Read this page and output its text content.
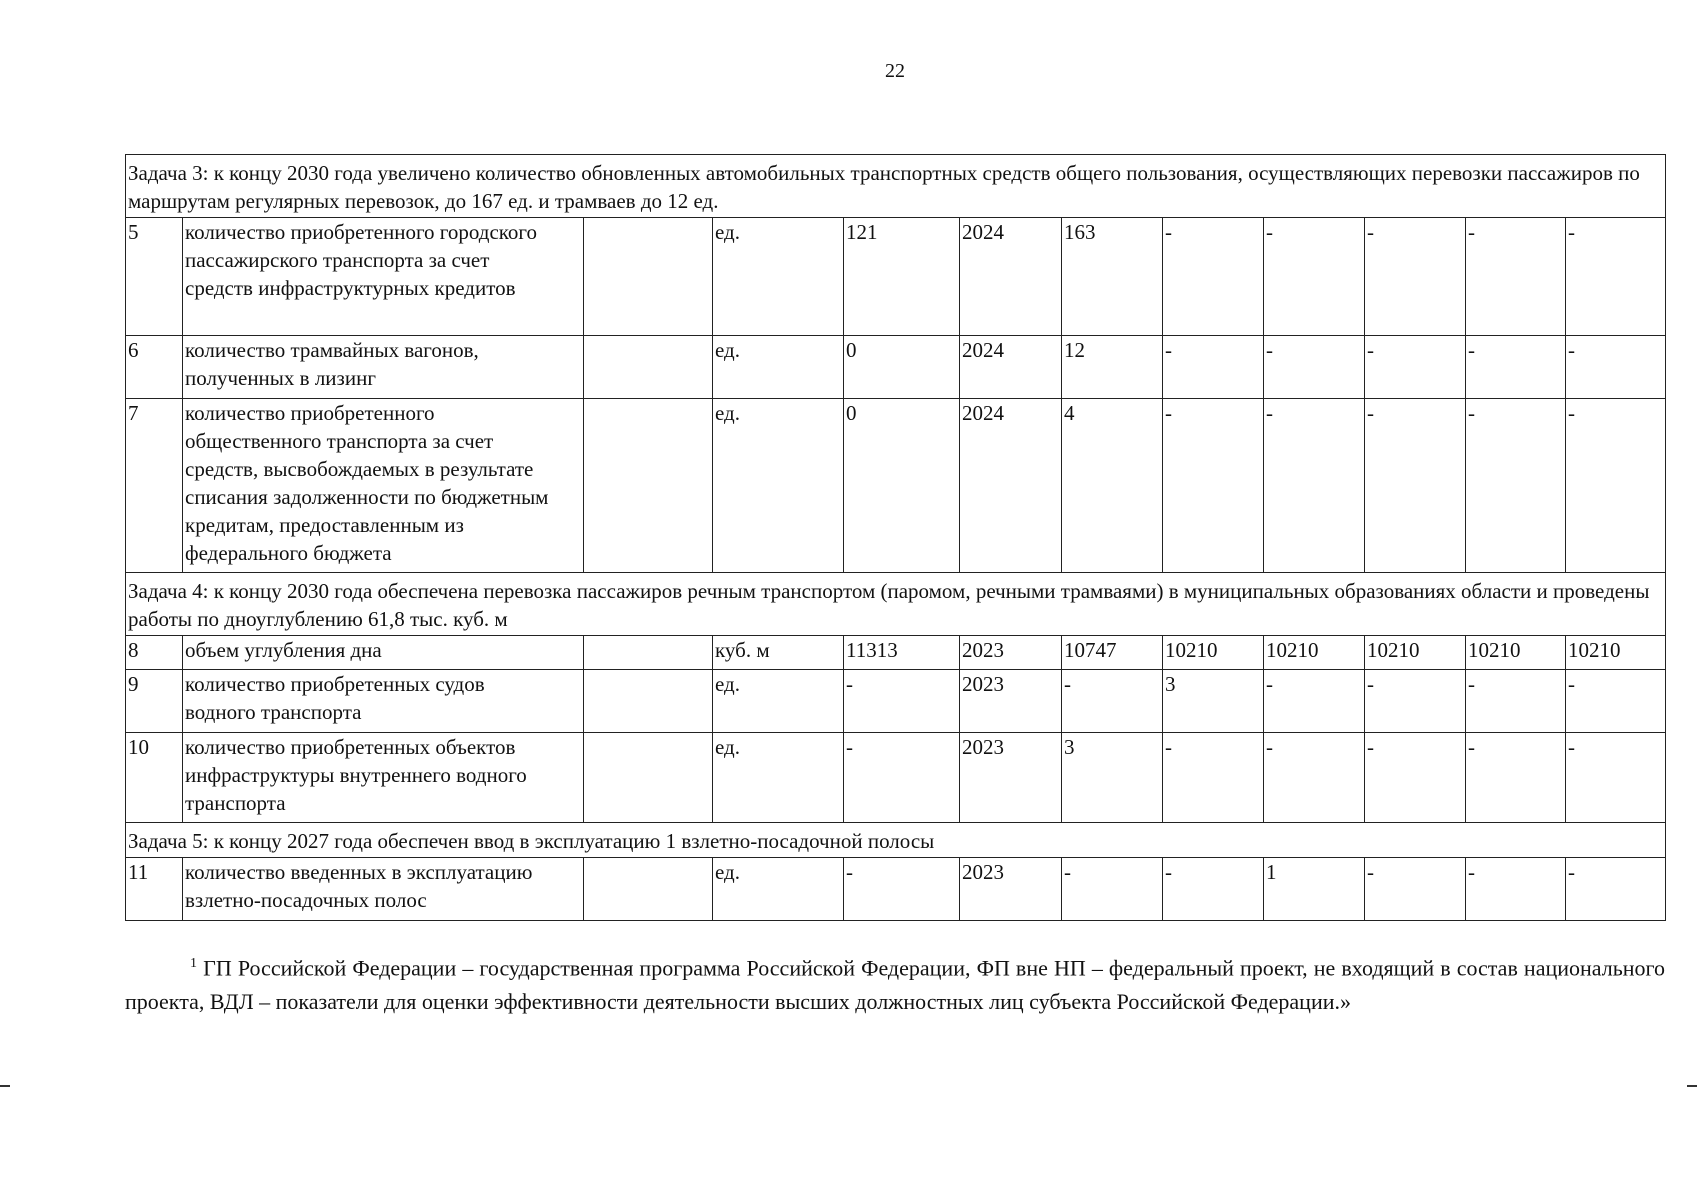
22
Задача 3: к концу 2030 года увеличено количество обновленных автомобильных транспортных средств общего пользования, осуществляющих перевозки пассажиров по маршрутам регулярных перевозок, до 167 ед. и трамваев до 12 ед.											
5	количество приобретенного городского пассажирского транспорта за счет средств инфраструктурных кредитов		ед.	121	2024	163	-	-	-	-	-
6	количество трамвайных вагонов, полученных в лизинг		ед.	0	2024	12	-	-	-	-	-
7	количество приобретенного общественного транспорта за счет средств, высвобождаемых в результате списания задолженности по бюджетным кредитам, предоставленным из федерального бюджета		ед.	0	2024	4	-	-	-	-	-
Задача 4: к концу 2030 года обеспечена перевозка пассажиров речным транспортом (паромом, речными трамваями) в муниципальных образованиях области и проведены работы по дноуглублению 61,8 тыс. куб. м											
8	объем углубления дна		куб. м	11313	2023	10747	10210	10210	10210	10210	10210
9	количество приобретенных судов водного транспорта		ед.	-	2023	-	3	-	-	-	-
10	количество приобретенных объектов инфраструктуры внутреннего водного транспорта		ед.	-	2023	3	-	-	-	-	-
Задача 5: к концу 2027 года обеспечен ввод в эксплуатацию 1 взлетно-посадочной полосы											
11	количество введенных в эксплуатацию взлетно-посадочных полос		ед.	-	2023	-	-	1	-	-	-
$^1$ ГП Российской Федерации – государственная программа Российской Федерации, ФП вне НП – федеральный проект, не входящий в состав национального проекта, ВДЛ – показатели для оценки эффективности деятельности высших должностных лиц субъекта Российской Федерации.»
